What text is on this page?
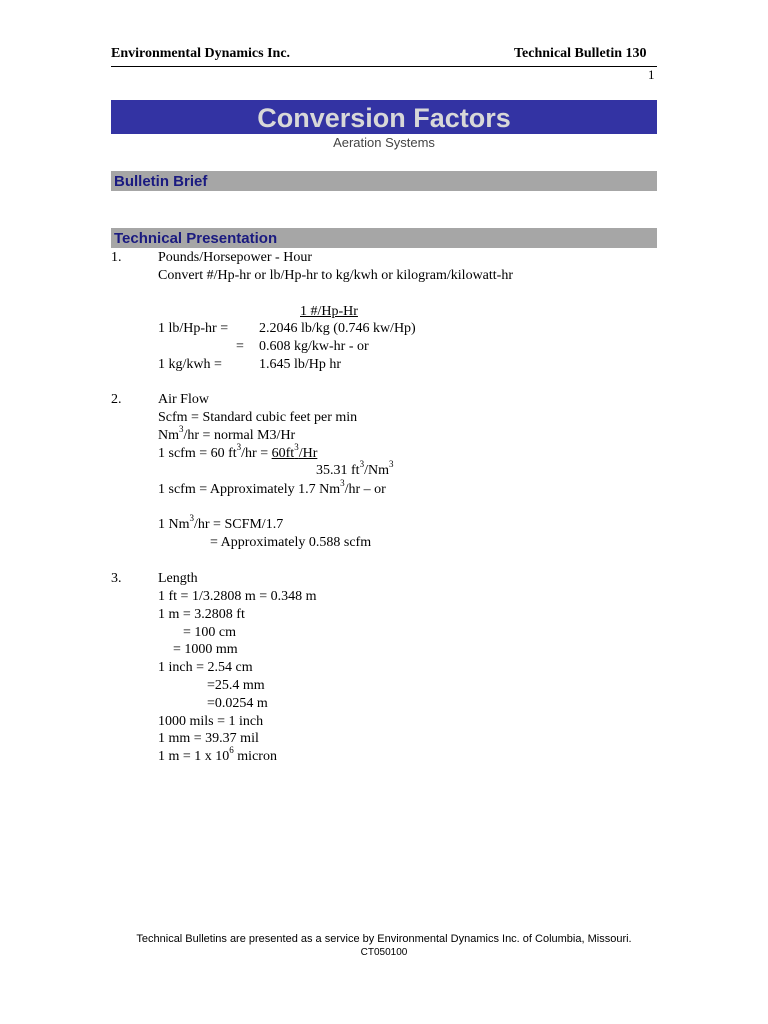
Environmental Dynamics Inc.	Technical Bulletin 130
1
Conversion Factors
Aeration Systems
Bulletin Brief
Technical Presentation
1.	Pounds/Horsepower - Hour
Convert #/Hp-hr or lb/Hp-hr to kg/kwh or kilogram/kilowatt-hr
1 #/Hp-Hr
1 lb/Hp-hr = 2.2046 lb/kg (0.746 kw/Hp)
= 0.608 kg/kw-hr - or
1 kg/kwh =	1.645 lb/Hp hr
2.	Air Flow
Scfm = Standard cubic feet per min
$Nm^3/hr$ = normal M3/Hr
1 scfm = 60 $ft^3/hr = 60ft^3/Hr$
35.31 $ft^3/Nm^3$
1 scfm = Approximately 1.7 Nm$^3$/hr – or
1 $Nm^3/hr$ = SCFM/1.7
= Approximately 0.588 scfm
3.	Length
1 ft = 1/3.2808 m = 0.348 m
1 m = 3.2808 ft
= 100 cm
= 1000 mm
1 inch = 2.54 cm
=25.4 mm
=0.0254 m
1000 mils = 1 inch
1 mm = 39.37 mil
1 m = 1 x $10^6$ micron
Technical Bulletins are presented as a service by Environmental Dynamics Inc. of Columbia, Missouri.
CT050100
